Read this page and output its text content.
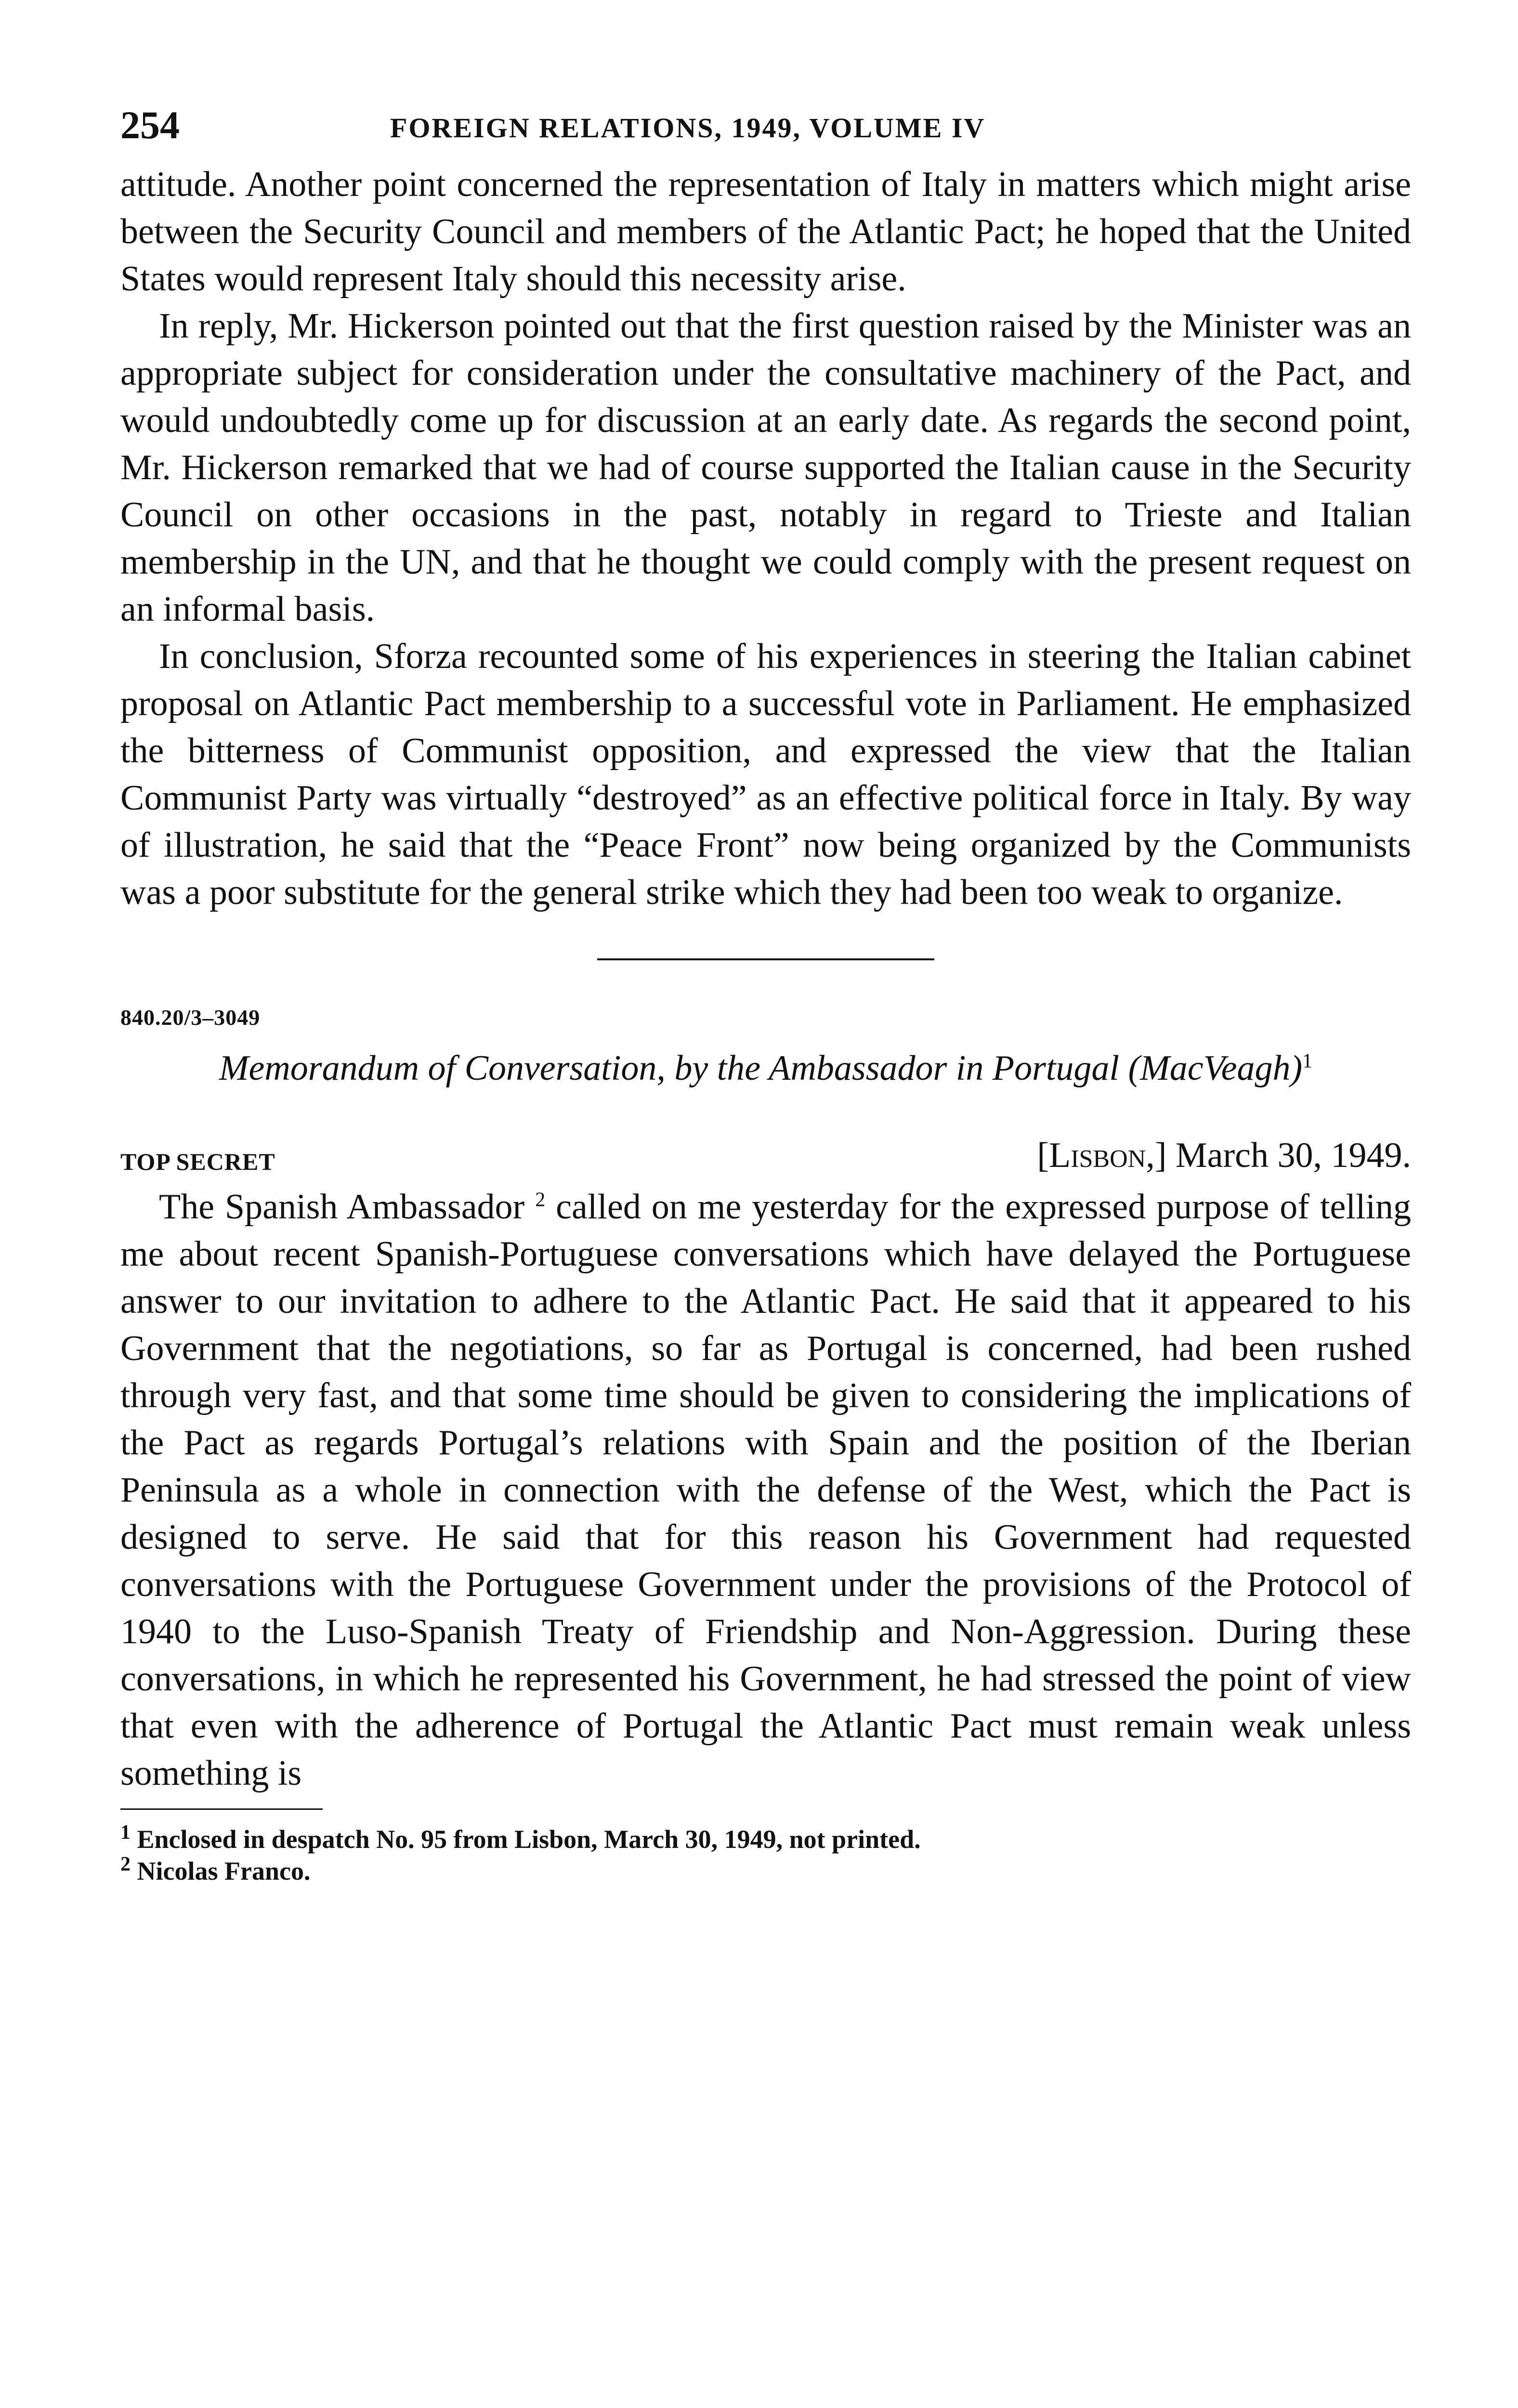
254	FOREIGN RELATIONS, 1949, VOLUME IV

attitude. Another point concerned the representation of Italy in matters which might arise between the Security Council and members of the Atlantic Pact; he hoped that the United States would represent Italy should this necessity arise.

In reply, Mr. Hickerson pointed out that the first question raised by the Minister was an appropriate subject for consideration under the consultative machinery of the Pact, and would undoubtedly come up for discussion at an early date. As regards the second point, Mr. Hickerson remarked that we had of course supported the Italian cause in the Security Council on other occasions in the past, notably in regard to Trieste and Italian membership in the UN, and that he thought we could comply with the present request on an informal basis.

In conclusion, Sforza recounted some of his experiences in steering the Italian cabinet proposal on Atlantic Pact membership to a successful vote in Parliament. He emphasized the bitterness of Communist opposition, and expressed the view that the Italian Communist Party was virtually “destroyed” as an effective political force in Italy. By way of illustration, he said that the “Peace Front” now being organized by the Communists was a poor substitute for the general strike which they had been too weak to organize.

840.20/3–3049
Memorandum of Conversation, by the Ambassador in Portugal (MacVeagh)$^1$
TOP SECRET	[Lisbon,] March 30, 1949.

The Spanish Ambassador $^2$ called on me yesterday for the expressed purpose of telling me about recent Spanish-Portuguese conversations which have delayed the Portuguese answer to our invitation to adhere to the Atlantic Pact. He said that it appeared to his Government that the negotiations, so far as Portugal is concerned, had been rushed through very fast, and that some time should be given to considering the implications of the Pact as regards Portugal’s relations with Spain and the position of the Iberian Peninsula as a whole in connection with the defense of the West, which the Pact is designed to serve. He said that for this reason his Government had requested conversations with the Portuguese Government under the provisions of the Protocol of 1940 to the Luso-Spanish Treaty of Friendship and Non-Aggression. During these conversations, in which he represented his Government, he had stressed the point of view that even with the adherence of Portugal the Atlantic Pact must remain weak unless something is

$^1$ Enclosed in despatch No. 95 from Lisbon, March 30, 1949, not printed.

$^2$ Nicolas Franco.
